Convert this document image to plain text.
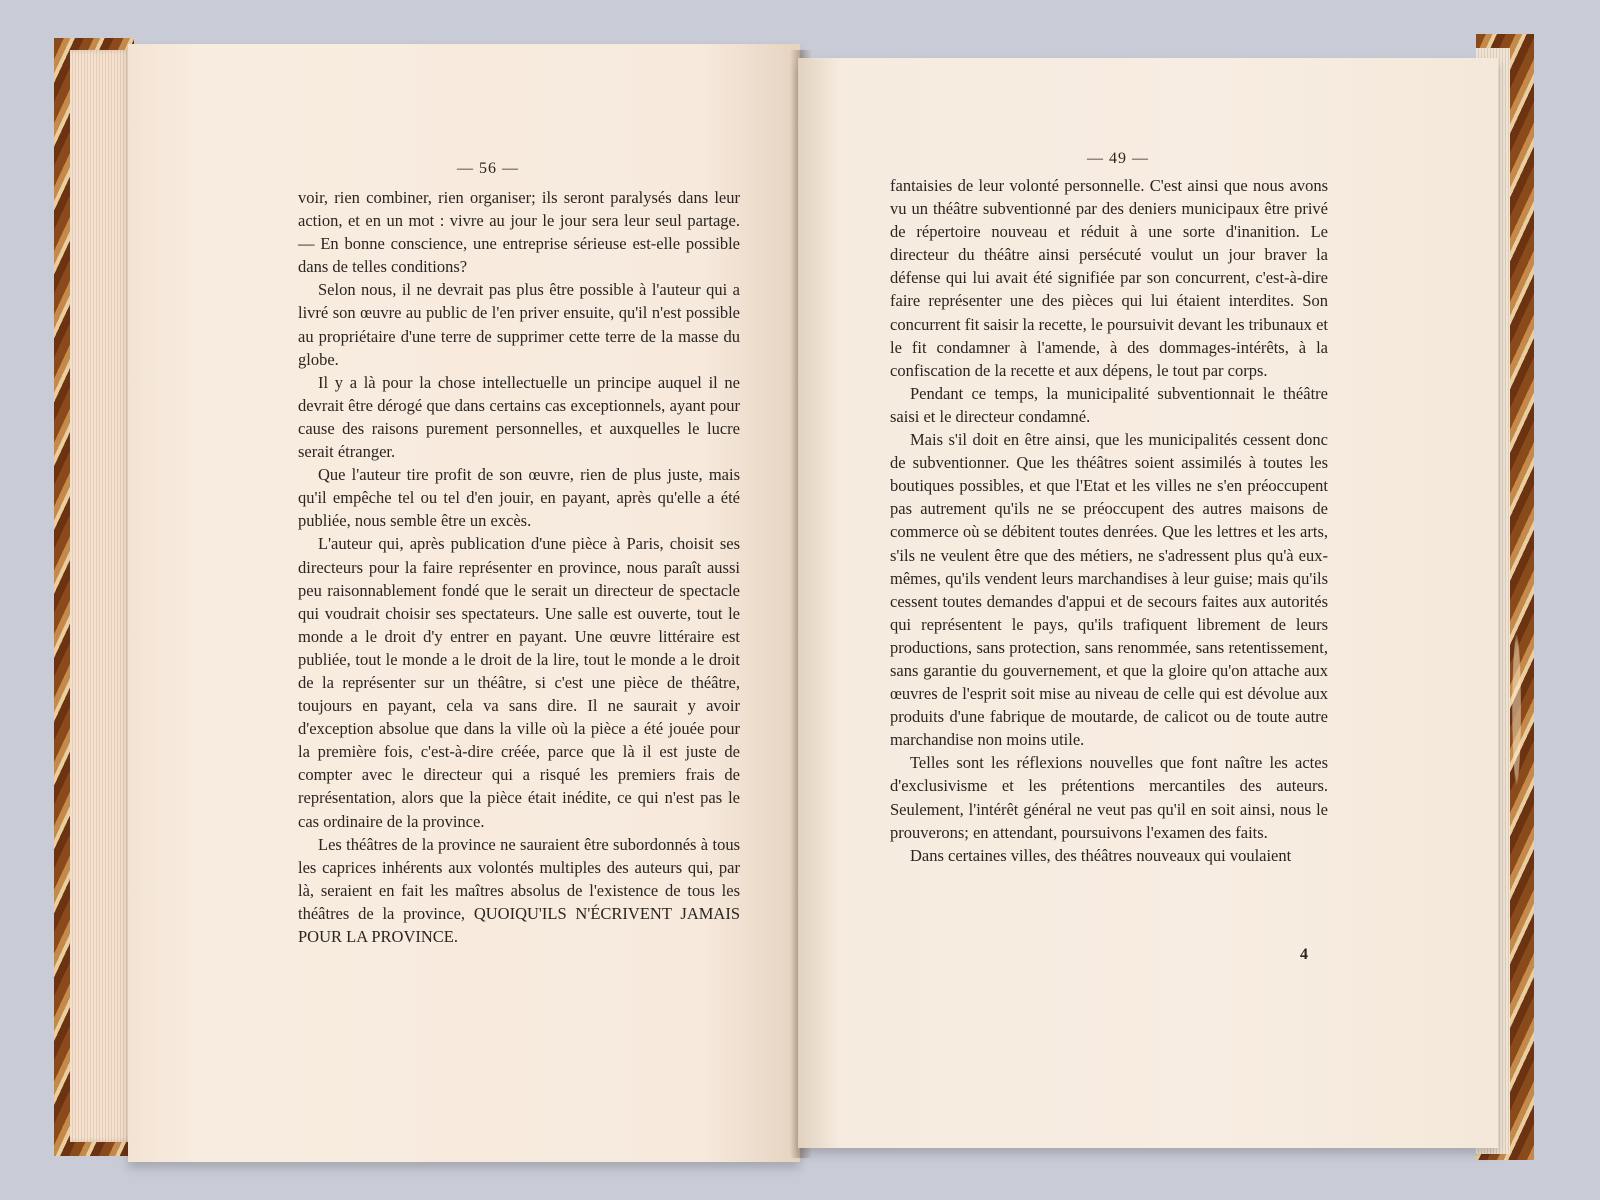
— 56 —

voir, rien combiner, rien organiser; ils seront paralysés dans leur action, et en un mot : vivre au jour le jour sera leur seul partage. — En bonne conscience, une entreprise sérieuse est-elle possible dans de telles conditions?

Selon nous, il ne devrait pas plus être possible à l'auteur qui a livré son œuvre au public de l'en priver ensuite, qu'il n'est possible au propriétaire d'une terre de supprimer cette terre de la masse du globe.

Il y a là pour la chose intellectuelle un principe auquel il ne devrait être dérogé que dans certains cas exceptionnels, ayant pour cause des raisons purement personnelles, et auxquelles le lucre serait étranger.

Que l'auteur tire profit de son œuvre, rien de plus juste, mais qu'il empêche tel ou tel d'en jouir, en payant, après qu'elle a été publiée, nous semble être un excès.

L'auteur qui, après publication d'une pièce à Paris, choisit ses directeurs pour la faire représenter en province, nous paraît aussi peu raisonnablement fondé que le serait un directeur de spectacle qui voudrait choisir ses spectateurs. Une salle est ouverte, tout le monde a le droit d'y entrer en payant. Une œuvre littéraire est publiée, tout le monde a le droit de la lire, tout le monde a le droit de la représenter sur un théâtre, si c'est une pièce de théâtre, toujours en payant, cela va sans dire. Il ne saurait y avoir d'exception absolue que dans la ville où la pièce a été jouée pour la première fois, c'est-à-dire créée, parce que là il est juste de compter avec le directeur qui a risqué les premiers frais de représentation, alors que la pièce était inédite, ce qui n'est pas le cas ordinaire de la province.

Les théâtres de la province ne sauraient être subordonnés à tous les caprices inhérents aux volontés multiples des auteurs qui, par là, seraient en fait les maîtres absolus de l'existence de tous les théâtres de la province, QUOIQU'ILS N'ÉCRIVENT JAMAIS POUR LA PROVINCE.

— 49 —

fantaisies de leur volonté personnelle. C'est ainsi que nous avons vu un théâtre subventionné par des deniers municipaux être privé de répertoire nouveau et réduit à une sorte d'inanition. Le directeur du théâtre ainsi persécuté voulut un jour braver la défense qui lui avait été signifiée par son concurrent, c'est-à-dire faire représenter une des pièces qui lui étaient interdites. Son concurrent fit saisir la recette, le poursuivit devant les tribunaux et le fit condamner à l'amende, à des dommages-intérêts, à la confiscation de la recette et aux dépens, le tout par corps.

Pendant ce temps, la municipalité subventionnait le théâtre saisi et le directeur condamné.

Mais s'il doit en être ainsi, que les municipalités cessent donc de subventionner. Que les théâtres soient assimilés à toutes les boutiques possibles, et que l'Etat et les villes ne s'en préoccupent pas autrement qu'ils ne se préoccupent des autres maisons de commerce où se débitent toutes denrées. Que les lettres et les arts, s'ils ne veulent être que des métiers, ne s'adressent plus qu'à eux-mêmes, qu'ils vendent leurs marchandises à leur guise; mais qu'ils cessent toutes demandes d'appui et de secours faites aux autorités qui représentent le pays, qu'ils trafiquent librement de leurs productions, sans protection, sans renommée, sans retentissement, sans garantie du gouvernement, et que la gloire qu'on attache aux œuvres de l'esprit soit mise au niveau de celle qui est dévolue aux produits d'une fabrique de moutarde, de calicot ou de toute autre marchandise non moins utile.

Telles sont les réflexions nouvelles que font naître les actes d'exclusivisme et les prétentions mercantiles des auteurs. Seulement, l'intérêt général ne veut pas qu'il en soit ainsi, nous le prouverons; en attendant, poursuivons l'examen des faits.

Dans certaines villes, des théâtres nouveaux qui voulaient

4
